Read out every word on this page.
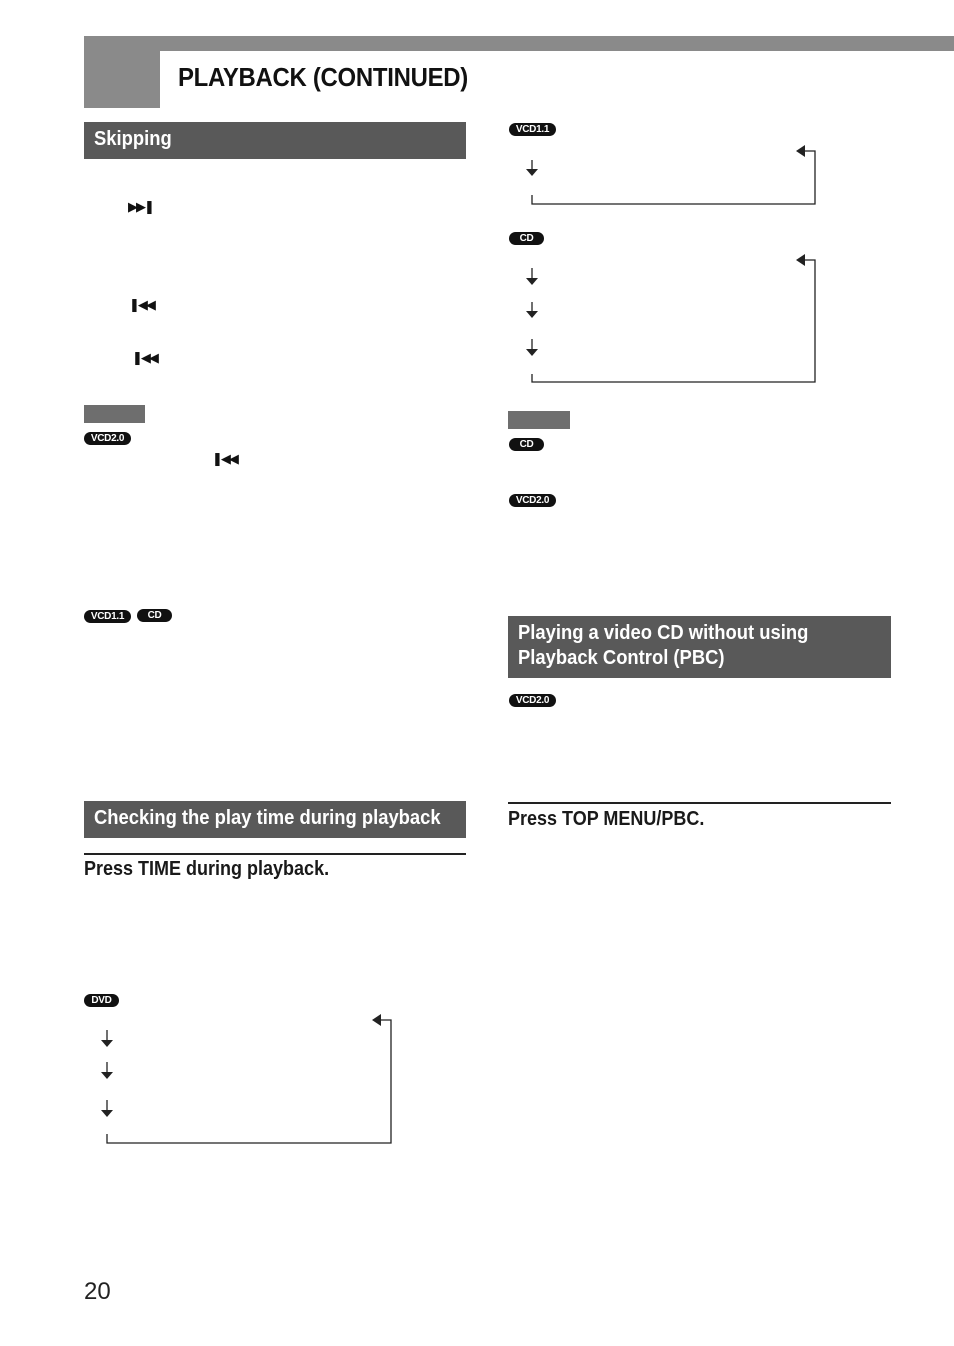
PLAYBACK (CONTINUED)
Skipping
▶▶❚
❚◀◀
❚◀◀
VCD2.0
❚◀◀
VCD1.1	CD
Checking the play time during playback
Press TIME during playback.
DVD
VCD1.1
CD
CD
VCD2.0
Playing a video CD without using
Playback Control (PBC)
VCD2.0
Press TOP MENU/PBC.
20
